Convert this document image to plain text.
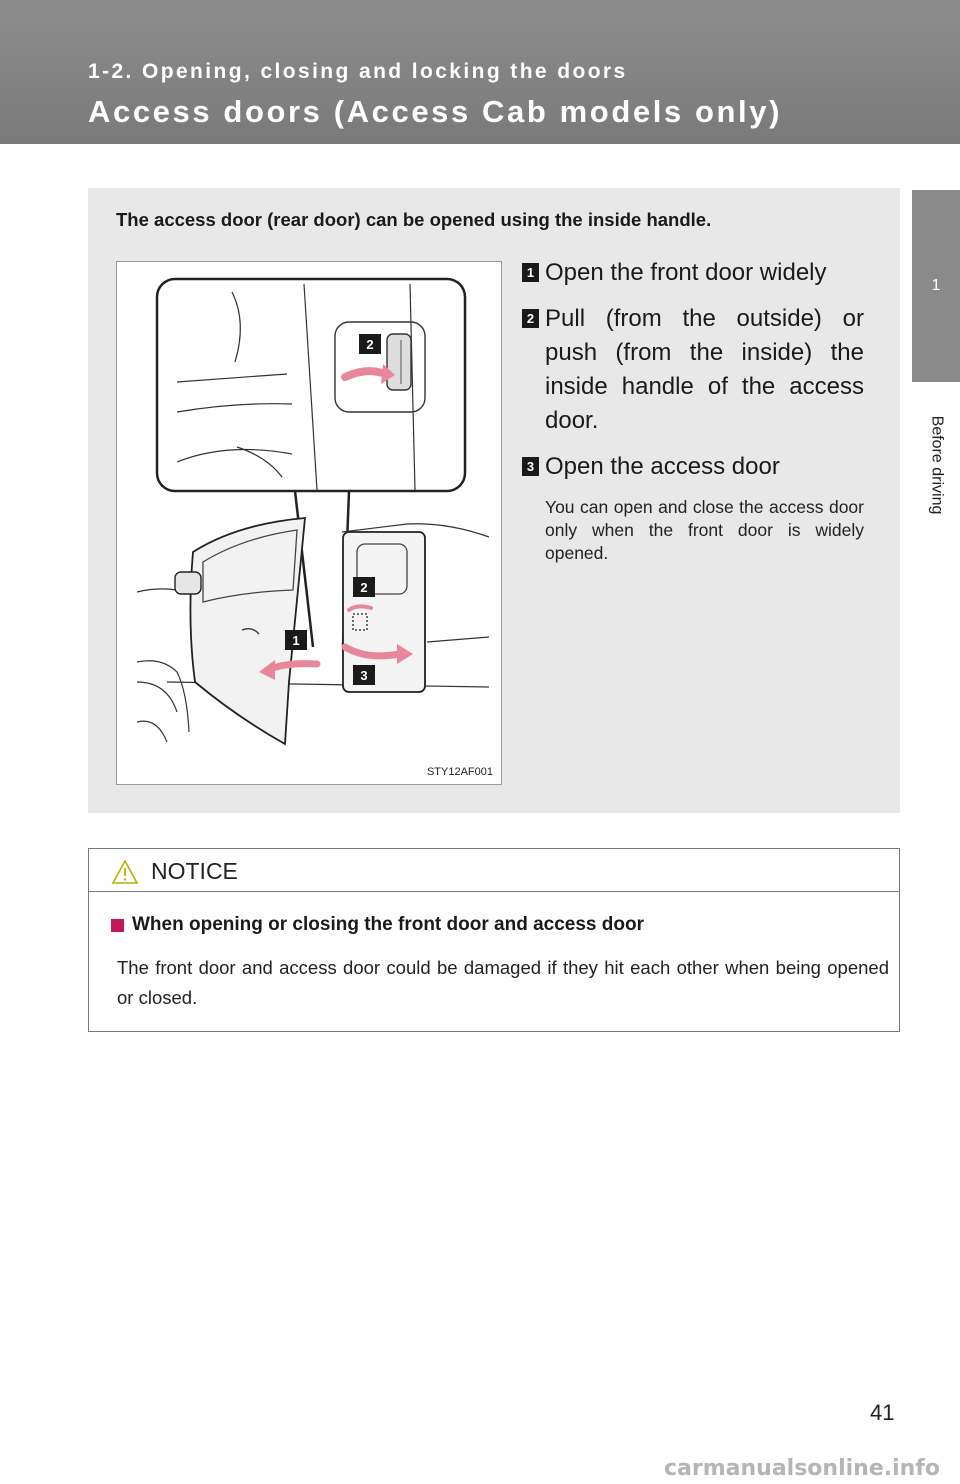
1-2. Opening, closing and locking the doors
Access doors (Access Cab models only)
1
Before driving

The access door (rear door) can be opened using the inside handle.

2
2
1
3
STY12AF001
1 Open the front door widely
2 Pull (from the outside) or push (from the inside) the inside handle of the access door.
3 Open the access door
You can open and close the access door only when the front door is widely opened.
NOTICE
When opening or closing the front door and access door
The front door and access door could be damaged if they hit each other when being opened or closed.
41
carmanualsonline.info
